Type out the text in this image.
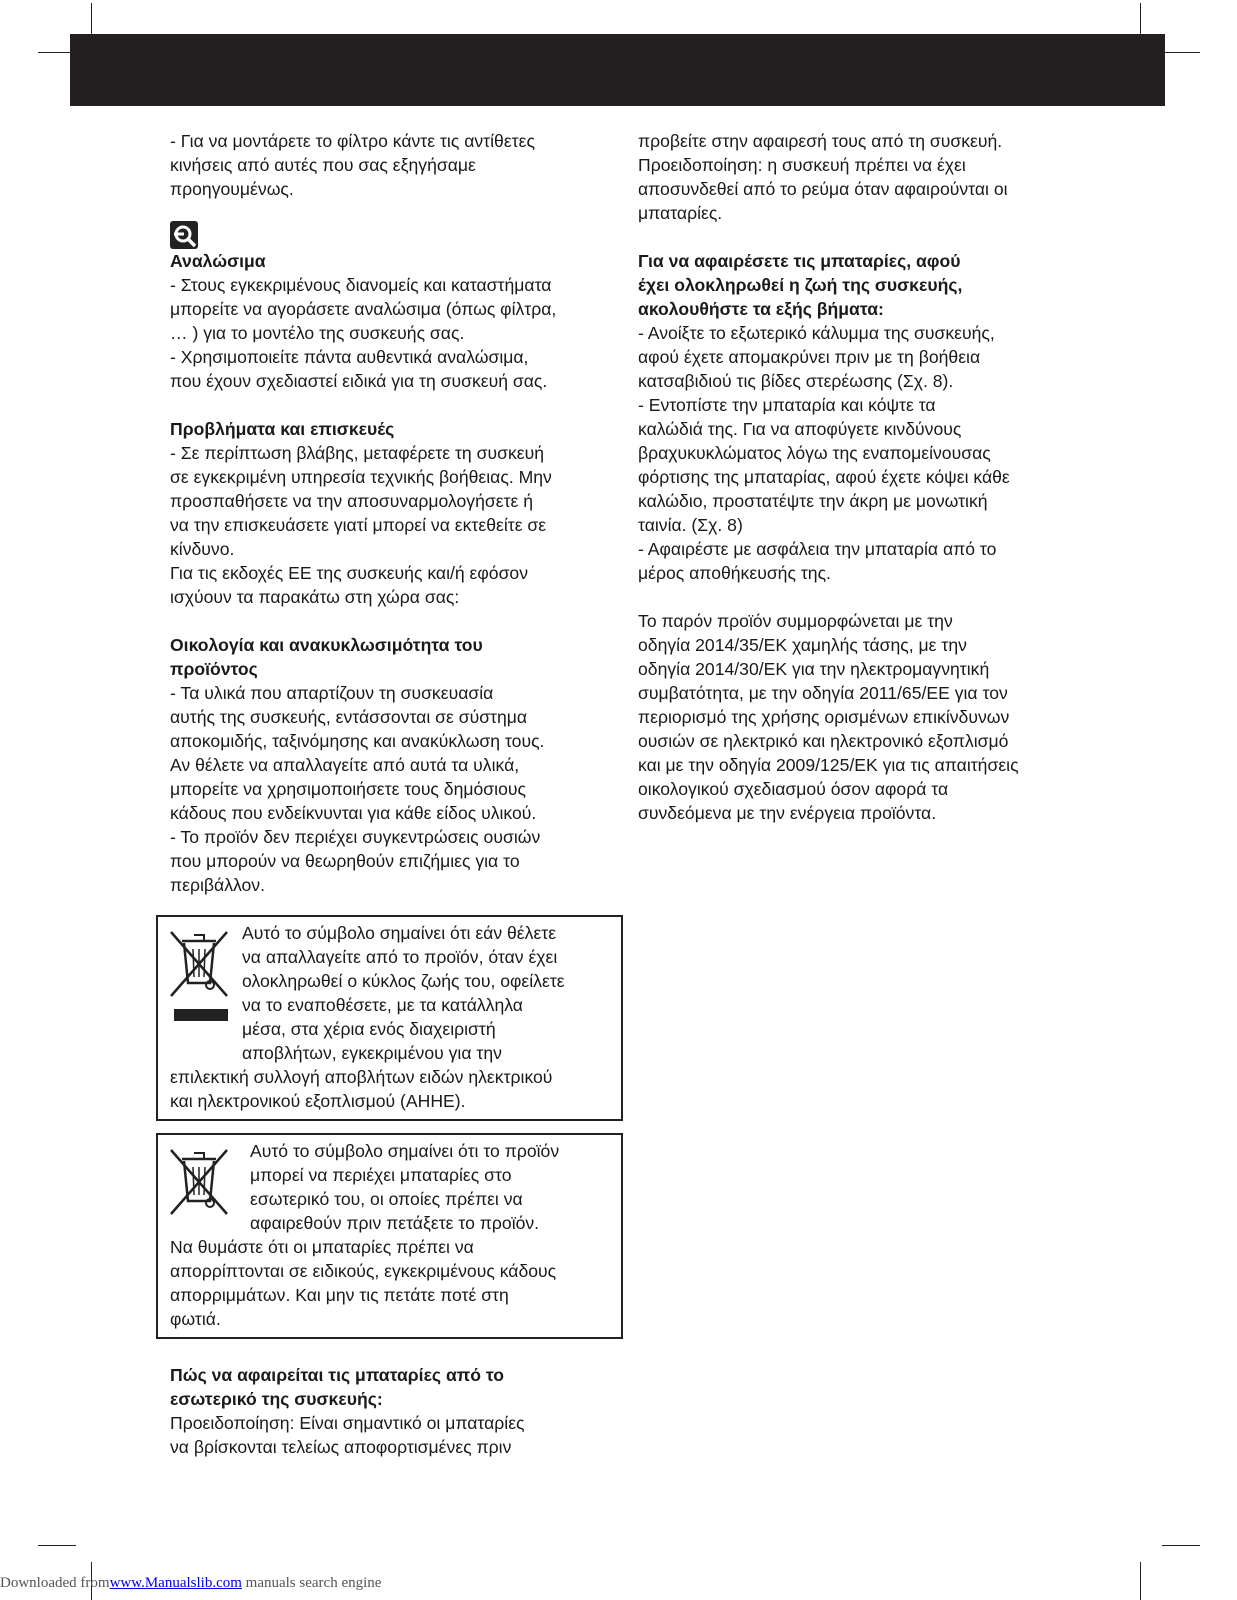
- Για να μοντάρετε το φίλτρο κάντε τις αντίθετες

κινήσεις από αυτές που σας εξηγήσαμε

προηγουμένως.

Αναλώσιμα

- Στους εγκεκριμένους διανομείς και καταστήματα

μπορείτε να αγοράσετε αναλώσιμα (όπως φίλτρα,

… ) για το μοντέλο της συσκευής σας.

- Χρησιμοποιείτε πάντα αυθεντικά αναλώσιμα,

που έχουν σχεδιαστεί ειδικά για τη συσκευή σας.

Προβλήματα και επισκευές

- Σε περίπτωση βλάβης, μεταφέρετε τη συσκευή

σε εγκεκριμένη υπηρεσία τεχνικής βοήθειας. Μην

προσπαθήσετε να την αποσυναρμολογήσετε ή

να την επισκευάσετε γιατί μπορεί να εκτεθείτε σε

κίνδυνο.

Για τις εκδοχές ΕΕ της συσκευής και/ή εφόσον

ισχύουν τα παρακάτω στη χώρα σας:

Οικολογία και ανακυκλωσιμότητα του

προϊόντος

- Τα υλικά που απαρτίζουν τη συσκευασία

αυτής της συσκευής, εντάσσονται σε σύστημα

αποκομιδής, ταξινόμησης και ανακύκλωση τους.

Αν θέλετε να απαλλαγείτε από αυτά τα υλικά,

μπορείτε να χρησιμοποιήσετε τους δημόσιους

κάδους που ενδείκνυνται για κάθε είδος υλικού.

- Το προϊόν δεν περιέχει συγκεντρώσεις ουσιών

που μπορούν να θεωρηθούν επιζήμιες για το

περιβάλλον.

Αυτό το σύμβολο σημαίνει ότι εάν θέλετε

να απαλλαγείτε από το προϊόν, όταν έχει

ολοκληρωθεί ο κύκλος ζωής του, οφείλετε

να το εναποθέσετε, με τα κατάλληλα

μέσα, στα χέρια ενός διαχειριστή

αποβλήτων, εγκεκριμένου για την

επιλεκτική συλλογή αποβλήτων ειδών ηλεκτρικού

και ηλεκτρονικού εξοπλισμού (ΑΗΗΕ).

Αυτό το σύμβολο σημαίνει ότι το προϊόν

μπορεί να περιέχει μπαταρίες στο

εσωτερικό του, οι οποίες πρέπει να

αφαιρεθούν πριν πετάξετε το προϊόν.

Να θυμάστε ότι οι μπαταρίες πρέπει να

απορρίπτονται σε ειδικούς, εγκεκριμένους κάδους

απορριμμάτων. Και μην τις πετάτε ποτέ στη

φωτιά.

Πώς να αφαιρείται τις μπαταρίες από το

εσωτερικό της συσκευής:

Προειδοποίηση: Είναι σημαντικό οι μπαταρίες

να βρίσκονται τελείως αποφορτισμένες πριν

προβείτε στην αφαιρεσή τους από τη συσκευή.

Προειδοποίηση: η συσκευή πρέπει να έχει

αποσυνδεθεί από το ρεύμα όταν αφαιρούνται οι

μπαταρίες.

Για να αφαιρέσετε τις μπαταρίες, αφού

έχει ολοκληρωθεί η ζωή της συσκευής,

ακολουθήστε τα εξής βήματα:

- Ανοίξτε το εξωτερικό κάλυμμα της συσκευής,

αφού έχετε απομακρύνει πριν με τη βοήθεια

κατσαβιδιού τις βίδες στερέωσης (Σχ. 8).

- Εντοπίστε την μπαταρία και κόψτε τα

καλώδιά της. Για να αποφύγετε κινδύνους

βραχυκυκλώματος λόγω της εναπομείνουσας

φόρτισης της μπαταρίας, αφού έχετε κόψει κάθε

καλώδιο, προστατέψτε την άκρη με μονωτική

ταινία. (Σχ. 8)

- Αφαιρέστε με ασφάλεια την μπαταρία από το

μέρος αποθήκευσής της.

Το παρόν προϊόν συμμορφώνεται με την

οδηγία 2014/35/ΕΚ χαμηλής τάσης, με την

οδηγία 2014/30/ΕΚ για την ηλεκτρομαγνητική

συμβατότητα, με την οδηγία 2011/65/ΕΕ για τον

περιορισμό της χρήσης ορισμένων επικίνδυνων

ουσιών σε ηλεκτρικό και ηλεκτρονικό εξοπλισμό

και με την οδηγία 2009/125/ΕΚ για τις απαιτήσεις

οικολογικού σχεδιασμού όσον αφορά τα

συνδεόμενα με την ενέργεια προϊόντα.

Downloaded fromwww.Manualslib.com manuals search engine
